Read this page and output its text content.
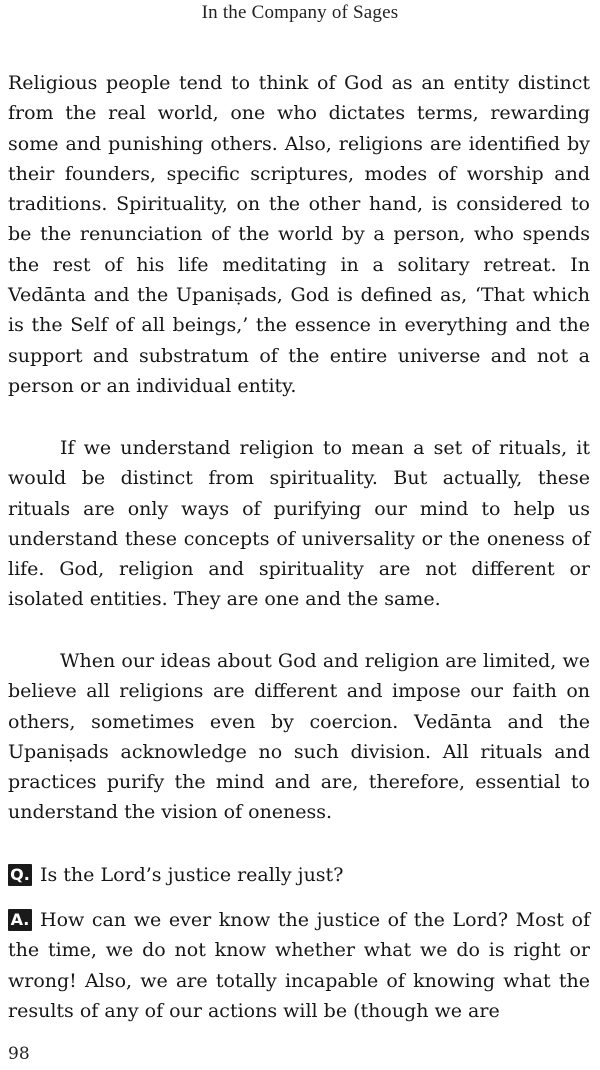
In the Company of Sages

Religious people tend to think of God as an entity distinct from the real world, one who dictates terms, rewarding some and punishing others. Also, religions are identified by their founders, specific scriptures, modes of worship and traditions. Spirituality, on the other hand, is considered to be the renunciation of the world by a person, who spends the rest of his life meditating in a solitary retreat. In Vedānta and the Upaniṣads, God is defined as, ‘That which is the Self of all beings,’ the essence in everything and the support and substratum of the entire universe and not a person or an individual entity.

If we understand religion to mean a set of rituals, it would be distinct from spirituality. But actually, these rituals are only ways of purifying our mind to help us understand these concepts of universality or the oneness of life. God, religion and spirituality are not different or isolated entities. They are one and the same.

When our ideas about God and religion are limited, we believe all religions are different and impose our faith on others, sometimes even by coercion. Vedānta and the Upaniṣads acknowledge no such division. All rituals and practices purify the mind and are, therefore, essential to understand the vision of oneness.

Q. Is the Lord’s justice really just?

A. How can we ever know the justice of the Lord? Most of the time, we do not know whether what we do is right or wrong! Also, we are totally incapable of knowing what the results of any of our actions will be (though we are

98
